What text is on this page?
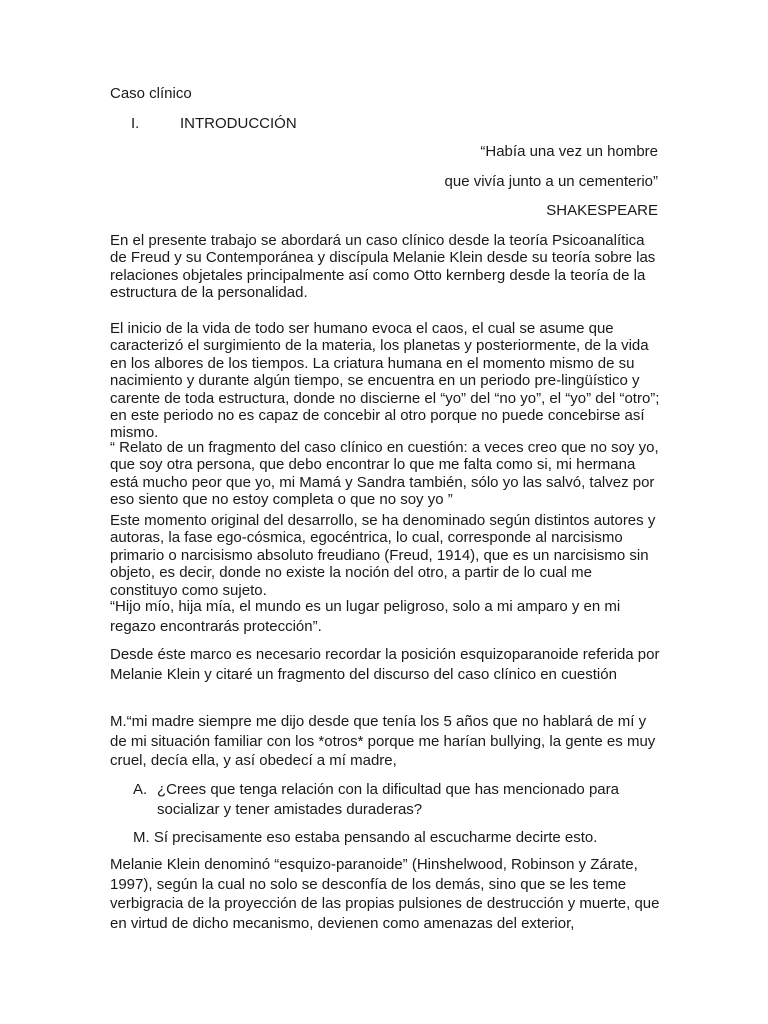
Caso clínico
I.	INTRODUCCIÓN
“Había una vez un hombre
que vivía junto a un cementerio”
SHAKESPEARE

En el presente trabajo se abordará un caso clínico desde la teoría Psicoanalítica de Freud y su Contemporánea y discípula Melanie Klein desde su teoría sobre las relaciones objetales principalmente así como Otto kernberg desde la teoría de la estructura de la personalidad.

El inicio de la vida de todo ser humano evoca el caos, el cual se asume que caracterizó el surgimiento de la materia, los planetas y posteriormente, de la vida en los albores de los tiempos. La criatura humana en el momento mismo de su nacimiento y durante algún tiempo, se encuentra en un periodo pre-lingüístico y carente de toda estructura, donde no discierne el “yo” del “no yo”, el “yo” del “otro”; en este periodo no es capaz de concebir al otro porque no puede concebirse así mismo.

“ Relato de un fragmento del caso clínico en cuestión: a veces creo que no soy yo, que soy otra persona, que debo encontrar lo que me falta como si, mi hermana está mucho peor que yo, mi Mamá y Sandra también, sólo yo las salvó, talvez por eso siento que no estoy completa o que no soy yo ”

Este momento original del desarrollo, se ha denominado según distintos autores y autoras, la fase ego-cósmica, egocéntrica, lo cual, corresponde al narcisismo primario o narcisismo absoluto freudiano (Freud, 1914), que es un narcisismo sin objeto, es decir, donde no existe la noción del otro, a partir de lo cual me constituyo como sujeto.

“Hijo mío, hija mía, el mundo es un lugar peligroso, solo a mi amparo y en mi regazo encontrarás protección”.

Desde éste marco es necesario recordar la posición esquizoparanoide referida por Melanie Klein y citaré un fragmento del discurso del caso clínico en cuestión

M.“mi madre siempre me dijo desde que tenía los 5 años que no hablará de mí y de mi situación familiar con los *otros* porque me harían bullying, la gente es muy cruel, decía ella, y así obedecí a mí madre,

A. ¿Crees que tenga relación con la dificultad que has mencionado para socializar y tener amistades duraderas?
M. Sí precisamente eso estaba pensando al escucharme decirte esto.

Melanie Klein denominó “esquizo-paranoide” (Hinshelwood, Robinson y Zárate, 1997), según la cual no solo se desconfía de los demás, sino que se les teme verbigracia de la proyección de las propias pulsiones de destrucción y muerte, que en virtud de dicho mecanismo, devienen como amenazas del exterior,
